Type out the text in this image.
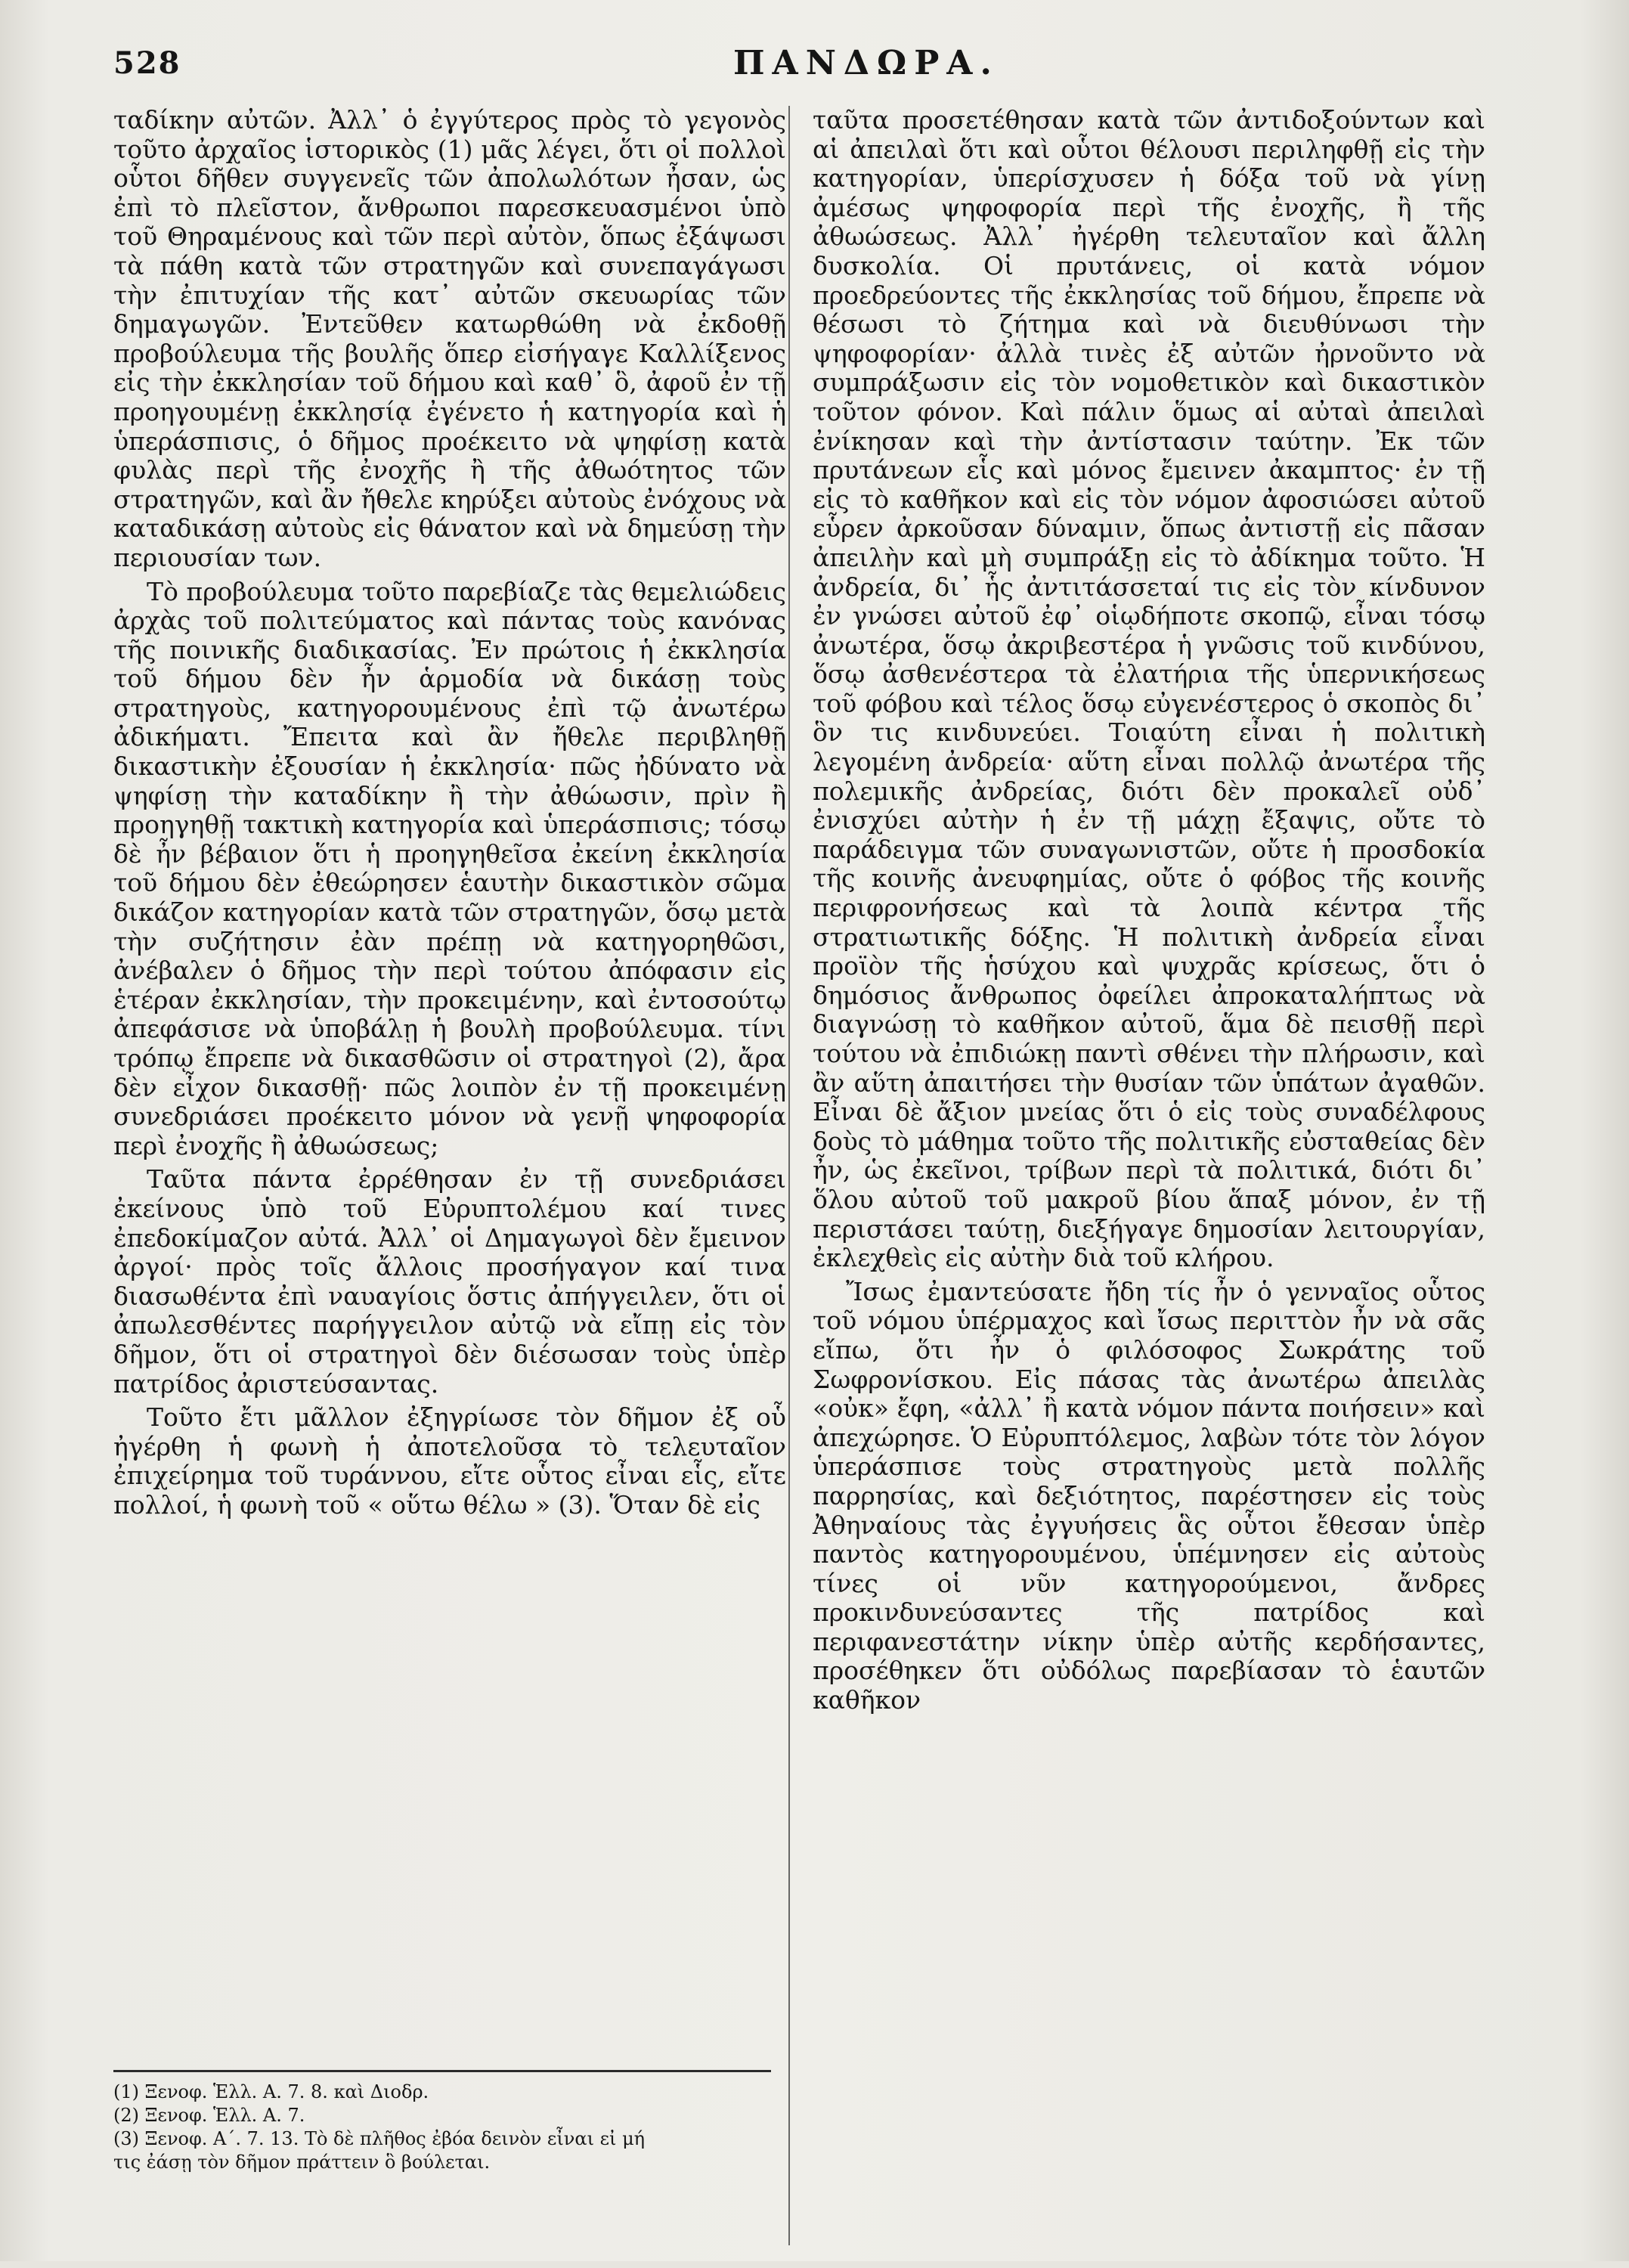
528	ΠΑΝΔΩΡΑ.

ταδίκην αὐτῶν. Ἀλλ᾽ ὁ ἐγγύτερος πρὸς τὸ γεγονὸς τοῦτο ἀρχαῖος ἱστορικὸς (1) μᾶς λέγει, ὅτι οἱ πολλοὶ οὗτοι δῆθεν συγγενεῖς τῶν ἀπολωλότων ἦσαν, ὡς ἐπὶ τὸ πλεῖστον, ἄνθρωποι παρεσκευασμένοι ὑπὸ τοῦ Θηραμένους καὶ τῶν περὶ αὐτὸν, ὅπως ἐξάψωσι τὰ πάθη κατὰ τῶν στρατηγῶν καὶ συνεπαγάγωσι τὴν ἐπιτυχίαν τῆς κατ᾽ αὐτῶν σκευωρίας τῶν δημαγωγῶν. Ἐντεῦθεν κατωρθώθη νὰ ἐκδοθῇ προβούλευμα τῆς βουλῆς ὅπερ εἰσήγαγε Καλλίξενος εἰς τὴν ἐκκλησίαν τοῦ δήμου καὶ καθ᾽ ὃ, ἀφοῦ ἐν τῇ προηγουμένῃ ἐκκλησίᾳ ἐγένετο ἡ κατηγορία καὶ ἡ ὑπεράσπισις, ὁ δῆμος προέκειτο νὰ ψηφίσῃ κατὰ φυλὰς περὶ τῆς ἐνοχῆς ἢ τῆς ἀθωότητος τῶν στρατηγῶν, καὶ ἂν ἤθελε κηρύξει αὐτοὺς ἐνόχους νὰ καταδικάσῃ αὐτοὺς εἰς θάνατον καὶ νὰ δημεύσῃ τὴν περιουσίαν των.

Τὸ προβούλευμα τοῦτο παρεβίαζε τὰς θεμελιώδεις ἀρχὰς τοῦ πολιτεύματος καὶ πάντας τοὺς κανόνας τῆς ποινικῆς διαδικασίας. Ἐν πρώτοις ἡ ἐκκλησία τοῦ δήμου δὲν ἦν ἁρμοδία νὰ δικάσῃ τοὺς στρατηγοὺς, κατηγορουμένους ἐπὶ τῷ ἀνωτέρω ἀδικήματι. Ἔπειτα καὶ ἂν ἤθελε περιβληθῇ δικαστικὴν ἐξουσίαν ἡ ἐκκλησία· πῶς ἠδύνατο νὰ ψηφίσῃ τὴν καταδίκην ἢ τὴν ἀθώωσιν, πρὶν ἢ προηγηθῇ τακτικὴ κατηγορία καὶ ὑπεράσπισις; τόσῳ δὲ ἦν βέβαιον ὅτι ἡ προηγηθεῖσα ἐκείνη ἐκκλησία τοῦ δήμου δὲν ἐθεώρησεν ἑαυτὴν δικαστικὸν σῶμα δικάζον κατηγορίαν κατὰ τῶν στρατηγῶν, ὅσῳ μετὰ τὴν συζήτησιν ἐὰν πρέπῃ νὰ κατηγορηθῶσι, ἀνέβαλεν ὁ δῆμος τὴν περὶ τούτου ἀπόφασιν εἰς ἑτέραν ἐκκλησίαν, τὴν προκειμένην, καὶ ἐντοσούτῳ ἀπεφάσισε νὰ ὑποβάλῃ ἡ βουλὴ προβούλευμα. τίνι τρόπῳ ἔπρεπε νὰ δικασθῶσιν οἱ στρατηγοὶ (2), ἄρα δὲν εἶχον δικασθῇ· πῶς λοιπὸν ἐν τῇ προκειμένῃ συνεδριάσει προέκειτο μόνον νὰ γενῇ ψηφοφορία περὶ ἐνοχῆς ἢ ἀθωώσεως;

Ταῦτα πάντα ἐρρέθησαν ἐν τῇ συνεδριάσει ἐκείνους ὑπὸ τοῦ Εὐρυπτολέμου καί τινες ἐπεδοκίμαζον αὐτά. Ἀλλ᾽ οἱ Δημαγωγοὶ δὲν ἔμεινον ἀργοί· πρὸς τοῖς ἄλλοις προσήγαγον καί τινα διασωθέντα ἐπὶ ναυαγίοις ὅστις ἀπήγγειλεν, ὅτι οἱ ἀπωλεσθέντες παρήγγειλον αὐτῷ νὰ εἴπῃ εἰς τὸν δῆμον, ὅτι οἱ στρατηγοὶ δὲν διέσωσαν τοὺς ὑπὲρ πατρίδος ἀριστεύσαντας.

Τοῦτο ἔτι μᾶλλον ἐξηγρίωσε τὸν δῆμον ἐξ οὗ ἠγέρθη ἡ φωνὴ ἡ ἀποτελοῦσα τὸ τελευταῖον ἐπιχείρημα τοῦ τυράννου, εἴτε οὗτος εἶναι εἷς, εἴτε πολλοί, ἡ φωνὴ τοῦ « οὕτω θέλω » (3). Ὅταν δὲ εἰς

ταῦτα προσετέθησαν κατὰ τῶν ἀντιδοξούντων καὶ αἱ ἀπειλαὶ ὅτι καὶ οὗτοι θέλουσι περιληφθῇ εἰς τὴν κατηγορίαν, ὑπερίσχυσεν ἡ δόξα τοῦ νὰ γίνῃ ἀμέσως ψηφοφορία περὶ τῆς ἐνοχῆς, ἢ τῆς ἀθωώσεως. Ἀλλ᾽ ἠγέρθη τελευταῖον καὶ ἄλλη δυσκολία. Οἱ πρυτάνεις, οἱ κατὰ νόμον προεδρεύοντες τῆς ἐκκλησίας τοῦ δήμου, ἔπρεπε νὰ θέσωσι τὸ ζήτημα καὶ νὰ διευθύνωσι τὴν ψηφοφορίαν· ἀλλὰ τινὲς ἐξ αὐτῶν ἠρνοῦντο νὰ συμπράξωσιν εἰς τὸν νομοθετικὸν καὶ δικαστικὸν τοῦτον φόνον. Καὶ πάλιν ὅμως αἱ αὐταὶ ἀπειλαὶ ἐνίκησαν καὶ τὴν ἀντίστασιν ταύτην. Ἐκ τῶν πρυτάνεων εἷς καὶ μόνος ἔμεινεν ἀκαμπτος· ἐν τῇ εἰς τὸ καθῆκον καὶ εἰς τὸν νόμον ἀφοσιώσει αὐτοῦ εὗρεν ἀρκοῦσαν δύναμιν, ὅπως ἀντιστῇ εἰς πᾶσαν ἀπειλὴν καὶ μὴ συμπράξῃ εἰς τὸ ἀδίκημα τοῦτο. Ἡ ἀνδρεία, δι᾽ ἧς ἀντιτάσσεταί τις εἰς τὸν κίνδυνον ἐν γνώσει αὐτοῦ ἐφ᾽ οἱῳδήποτε σκοπῷ, εἶναι τόσῳ ἀνωτέρα, ὅσῳ ἀκριβεστέρα ἡ γνῶσις τοῦ κινδύνου, ὅσῳ ἀσθενέστερα τὰ ἐλατήρια τῆς ὑπερνικήσεως τοῦ φόβου καὶ τέλος ὅσῳ εὐγενέστερος ὁ σκοπὸς δι᾽ ὃν τις κινδυνεύει. Τοιαύτη εἶναι ἡ πολιτικὴ λεγομένη ἀνδρεία· αὕτη εἶναι πολλῷ ἀνωτέρα τῆς πολεμικῆς ἀνδρείας, διότι δὲν προκαλεῖ οὐδ᾽ ἐνισχύει αὐτὴν ἡ ἐν τῇ μάχῃ ἔξαψις, οὔτε τὸ παράδειγμα τῶν συναγωνιστῶν, οὔτε ἡ προσδοκία τῆς κοινῆς ἀνευφημίας, οὔτε ὁ φόβος τῆς κοινῆς περιφρονήσεως καὶ τὰ λοιπὰ κέντρα τῆς στρατιωτικῆς δόξης. Ἡ πολιτικὴ ἀνδρεία εἶναι προϊὸν τῆς ἡσύχου καὶ ψυχρᾶς κρίσεως, ὅτι ὁ δημόσιος ἄνθρωπος ὀφείλει ἀπροκαταλήπτως νὰ διαγνώσῃ τὸ καθῆκον αὐτοῦ, ἅμα δὲ πεισθῇ περὶ τούτου νὰ ἐπιδιώκῃ παντὶ σθένει τὴν πλήρωσιν, καὶ ἂν αὕτη ἀπαιτήσει τὴν θυσίαν τῶν ὑπάτων ἀγαθῶν. Εἶναι δὲ ἄξιον μνείας ὅτι ὁ εἰς τοὺς συναδέλφους δοὺς τὸ μάθημα τοῦτο τῆς πολιτικῆς εὐσταθείας δὲν ἦν, ὡς ἐκεῖνοι, τρίβων περὶ τὰ πολιτικά, διότι δι᾽ ὅλου αὐτοῦ τοῦ μακροῦ βίου ἅπαξ μόνον, ἐν τῇ περιστάσει ταύτῃ, διεξήγαγε δημοσίαν λειτουργίαν, ἐκλεχθεὶς εἰς αὐτὴν διὰ τοῦ κλήρου.

Ἴσως ἐμαντεύσατε ἤδη τίς ἦν ὁ γενναῖος οὗτος τοῦ νόμου ὑπέρμαχος καὶ ἴσως περιττὸν ἦν νὰ σᾶς εἴπω, ὅτι ἦν ὁ φιλόσοφος Σωκράτης τοῦ Σωφρονίσκου. Εἰς πάσας τὰς ἀνωτέρω ἀπειλὰς «οὐκ» ἔφη, «ἀλλ᾽ ἢ κατὰ νόμον πάντα ποιήσειν» καὶ ἀπεχώρησε. Ὁ Εὐρυπτόλεμος, λαβὼν τότε τὸν λόγον ὑπεράσπισε τοὺς στρατηγοὺς μετὰ πολλῆς παρρησίας, καὶ δεξιότητος, παρέστησεν εἰς τοὺς Ἀθηναίους τὰς ἐγγυήσεις ἃς οὗτοι ἔθεσαν ὑπὲρ παντὸς κατηγορουμένου, ὑπέμνησεν εἰς αὐτοὺς τίνες οἱ νῦν κατηγορούμενοι, ἄνδρες προκινδυνεύσαντες τῆς πατρίδος καὶ περιφανεστάτην νίκην ὑπὲρ αὐτῆς κερδήσαντες, προσέθηκεν ὅτι οὐδόλως παρεβίασαν τὸ ἑαυτῶν καθῆκον

(1) Ξενοφ. Ἑλλ. Α. 7. 8. καὶ Διοδρ.
(2) Ξενοφ. Ἑλλ. Α. 7.
(3) Ξενοφ. Α΄. 7. 13. Τὸ δὲ πλῆθος ἐβόα δεινὸν εἶναι εἰ μή
τις ἐάσῃ τὸν δῆμον πράττειν ὃ βούλεται.
